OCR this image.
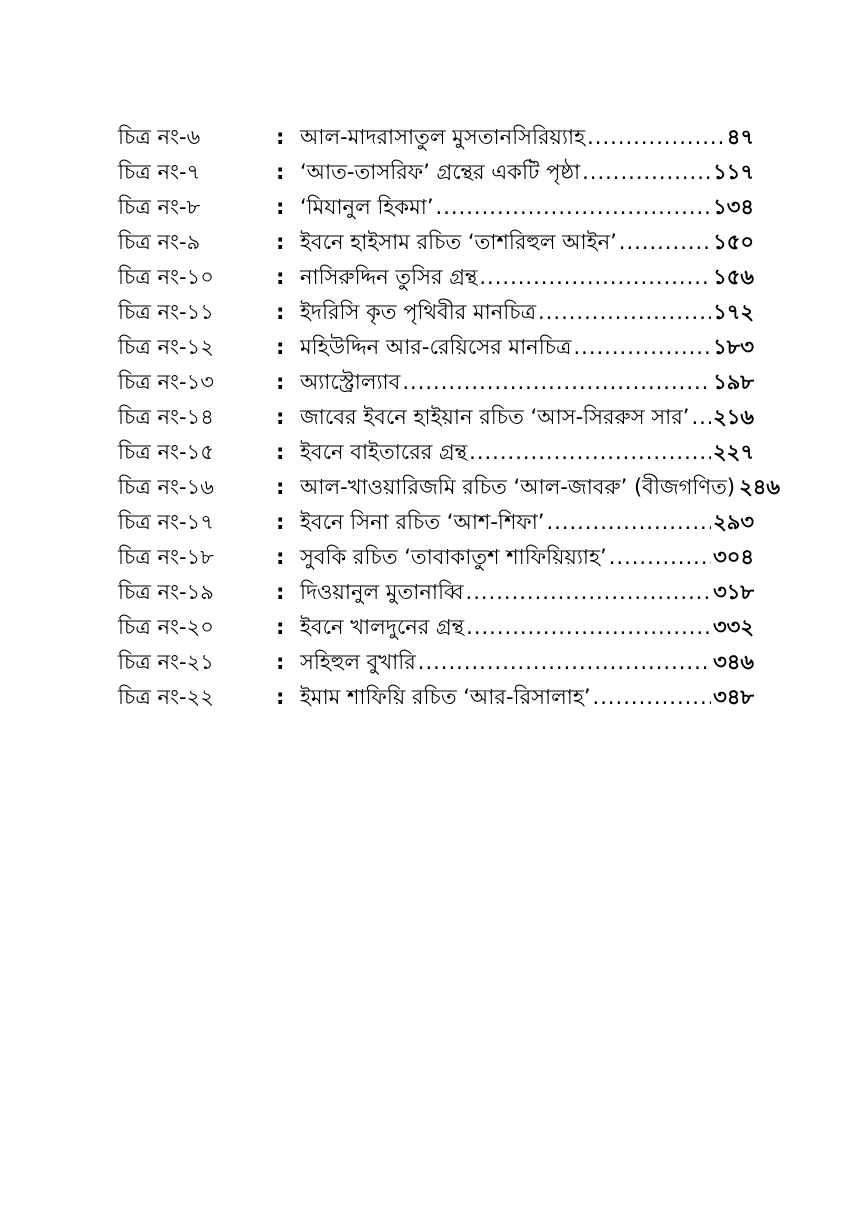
চিত্র নং-৬	: আল-মাদরাসাতুল মুসতানসিরিয়্যাহ .....	৪৭
চিত্র নং-৭	: ‘আত-তাসরিফ’ গ্রন্থের একটি পৃষ্ঠা .....	১১৭
চিত্র নং-৮	: ‘মিযানুল হিকমা’ .....	১৩৪
চিত্র নং-৯	: ইবনে হাইসাম রচিত ‘তাশরিহুল আইন’ .....	১৫০
চিত্র নং-১০	: নাসিরুদ্দিন তুসির গ্রন্থ .....	১৫৬
চিত্র নং-১১	: ইদরিসি কৃত পৃথিবীর মানচিত্র .....	১৭২
চিত্র নং-১২	: মহিউদ্দিন আর-রেয়িসের মানচিত্র .....	১৮৩
চিত্র নং-১৩	: অ্যাস্ট্রোল্যাব .....	১৯৮
চিত্র নং-১৪	: জাবের ইবনে হাইয়ান রচিত ‘আস-সিররুস সার’ ..... ২১৬
চিত্র নং-১৫	: ইবনে বাইতারের গ্রন্থ .....	২২৭
চিত্র নং-১৬	: আল-খাওয়ারিজমি রচিত ‘আল-জাবরু’ (বীজগণিত) ২৪৬
চিত্র নং-১৭	: ইবনে সিনা রচিত ‘আশ-শিফা’ .....	২৯৩
চিত্র নং-১৮	: সুবকি রচিত ‘তাবাকাতুশ শাফিয়িয়্যাহ’ .....	৩০৪
চিত্র নং-১৯	: দিওয়ানুল মুতানাব্বি .....	৩১৮
চিত্র নং-২০	: ইবনে খালদুনের গ্রন্থ .....	৩৩২
চিত্র নং-২১	: সহিহুল বুখারি .....	৩৪৬
চিত্র নং-২২	: ইমাম শাফিয়ি রচিত ‘আর-রিসালাহ’ .....	৩৪৮
